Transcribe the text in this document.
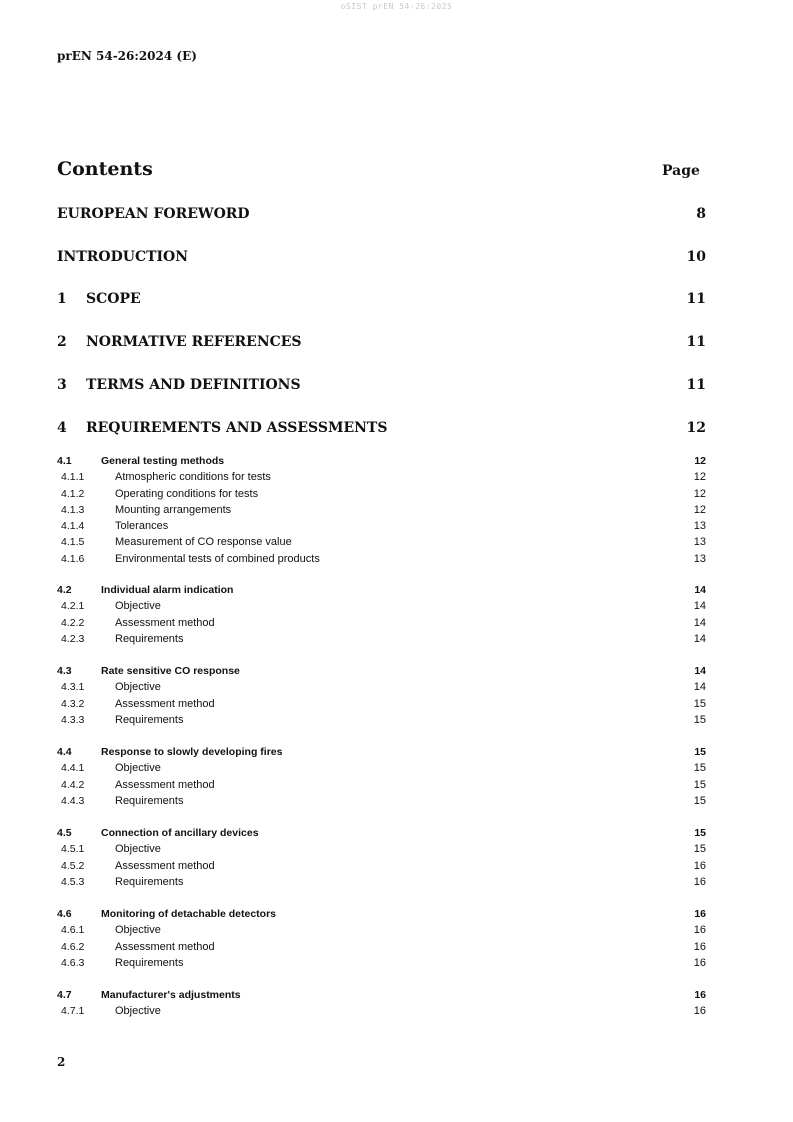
oSIST prEN 54-26:2025
prEN 54-26:2024 (E)
Contents	Page
EUROPEAN FOREWORD	8
INTRODUCTION	10
1 SCOPE	11
2 NORMATIVE REFERENCES	11
3 TERMS AND DEFINITIONS	11
4 REQUIREMENTS AND ASSESSMENTS	12
4.1	General testing methods	12
4.1.1	Atmospheric conditions for tests	12
4.1.2	Operating conditions for tests	12
4.1.3	Mounting arrangements	12
4.1.4	Tolerances	13
4.1.5	Measurement of CO response value	13
4.1.6	Environmental tests of combined products	13
4.2	Individual alarm indication	14
4.2.1	Objective	14
4.2.2	Assessment method	14
4.2.3	Requirements	14
4.3	Rate sensitive CO response	14
4.3.1	Objective	14
4.3.2	Assessment method	15
4.3.3	Requirements	15
4.4	Response to slowly developing fires	15
4.4.1	Objective	15
4.4.2	Assessment method	15
4.4.3	Requirements	15
4.5	Connection of ancillary devices	15
4.5.1	Objective	15
4.5.2	Assessment method	16
4.5.3	Requirements	16
4.6	Monitoring of detachable detectors	16
4.6.1	Objective	16
4.6.2	Assessment method	16
4.6.3	Requirements	16
4.7	Manufacturer's adjustments	16
4.7.1	Objective	16
2
